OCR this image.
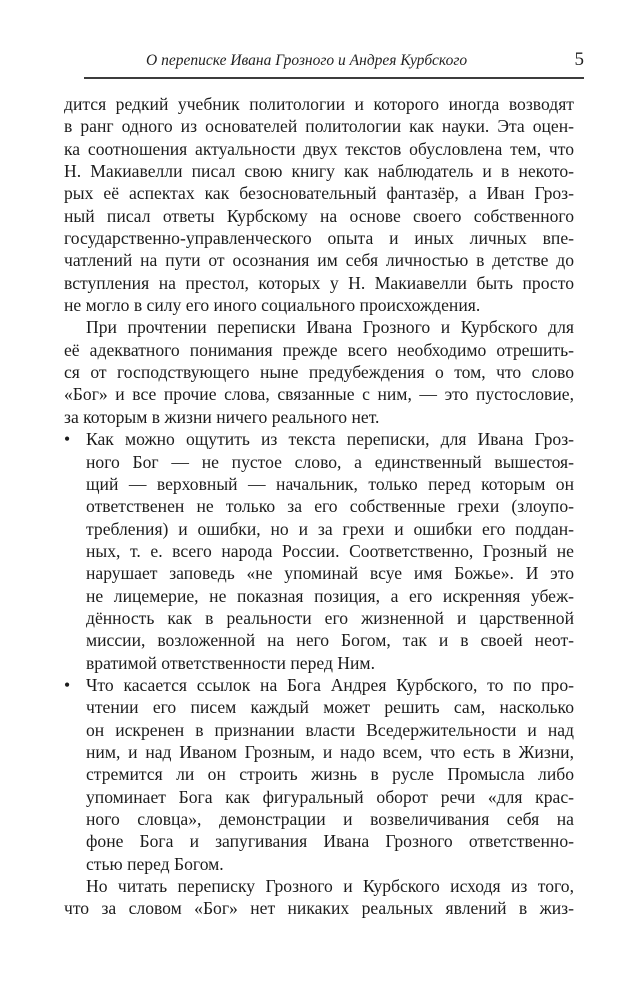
О переписке Ивана Грозного и Андрея Курбского	5
дится редкий учебник политологии и которого иногда возводят
в ранг одного из основателей политологии как науки. Эта оцен-
ка соотношения актуальности двух текстов обусловлена тем, что
Н. Макиавелли писал свою книгу как наблюдатель и в некото-
рых её аспектах как безосновательный фантазёр, а Иван Гроз-
ный писал ответы Курбскому на основе своего собственного
государственно-управленческого опыта и иных личных впе-
чатлений на пути от осознания им себя личностью в детстве до
вступления на престол, которых у Н. Макиавелли быть просто
не могло в силу его иного социального происхождения.
При прочтении переписки Ивана Грозного и Курбского для
её адекватного понимания прежде всего необходимо отрешить-
ся от господствующего ныне предубеждения о том, что слово
«Бог» и все прочие слова, связанные с ним, — это пустословие,
за которым в жизни ничего реального нет.
• Как можно ощутить из текста переписки, для Ивана Гроз-
ного Бог — не пустое слово, а единственный вышестоя-
щий — верховный — начальник, только перед которым он
ответственен не только за его собственные грехи (злоупо-
требления) и ошибки, но и за грехи и ошибки его поддан-
ных, т. е. всего народа России. Соответственно, Грозный не
нарушает заповедь «не упоминай всуе имя Божье». И это
не лицемерие, не показная позиция, а его искренняя убеж-
дённость как в реальности его жизненной и царственной
миссии, возложенной на него Богом, так и в своей неот-
вратимой ответственности перед Ним.
• Что касается ссылок на Бога Андрея Курбского, то по про-
чтении его писем каждый может решить сам, насколько
он искренен в признании власти Вседержительности и над
ним, и над Иваном Грозным, и надо всем, что есть в Жизни,
стремится ли он строить жизнь в русле Промысла либо
упоминает Бога как фигуральный оборот речи «для крас-
ного словца», демонстрации и возвеличивания себя на
фоне Бога и запугивания Ивана Грозного ответственно-
стью перед Богом.
Но читать переписку Грозного и Курбского исходя из того,
что за словом «Бог» нет никаких реальных явлений в жиз-
